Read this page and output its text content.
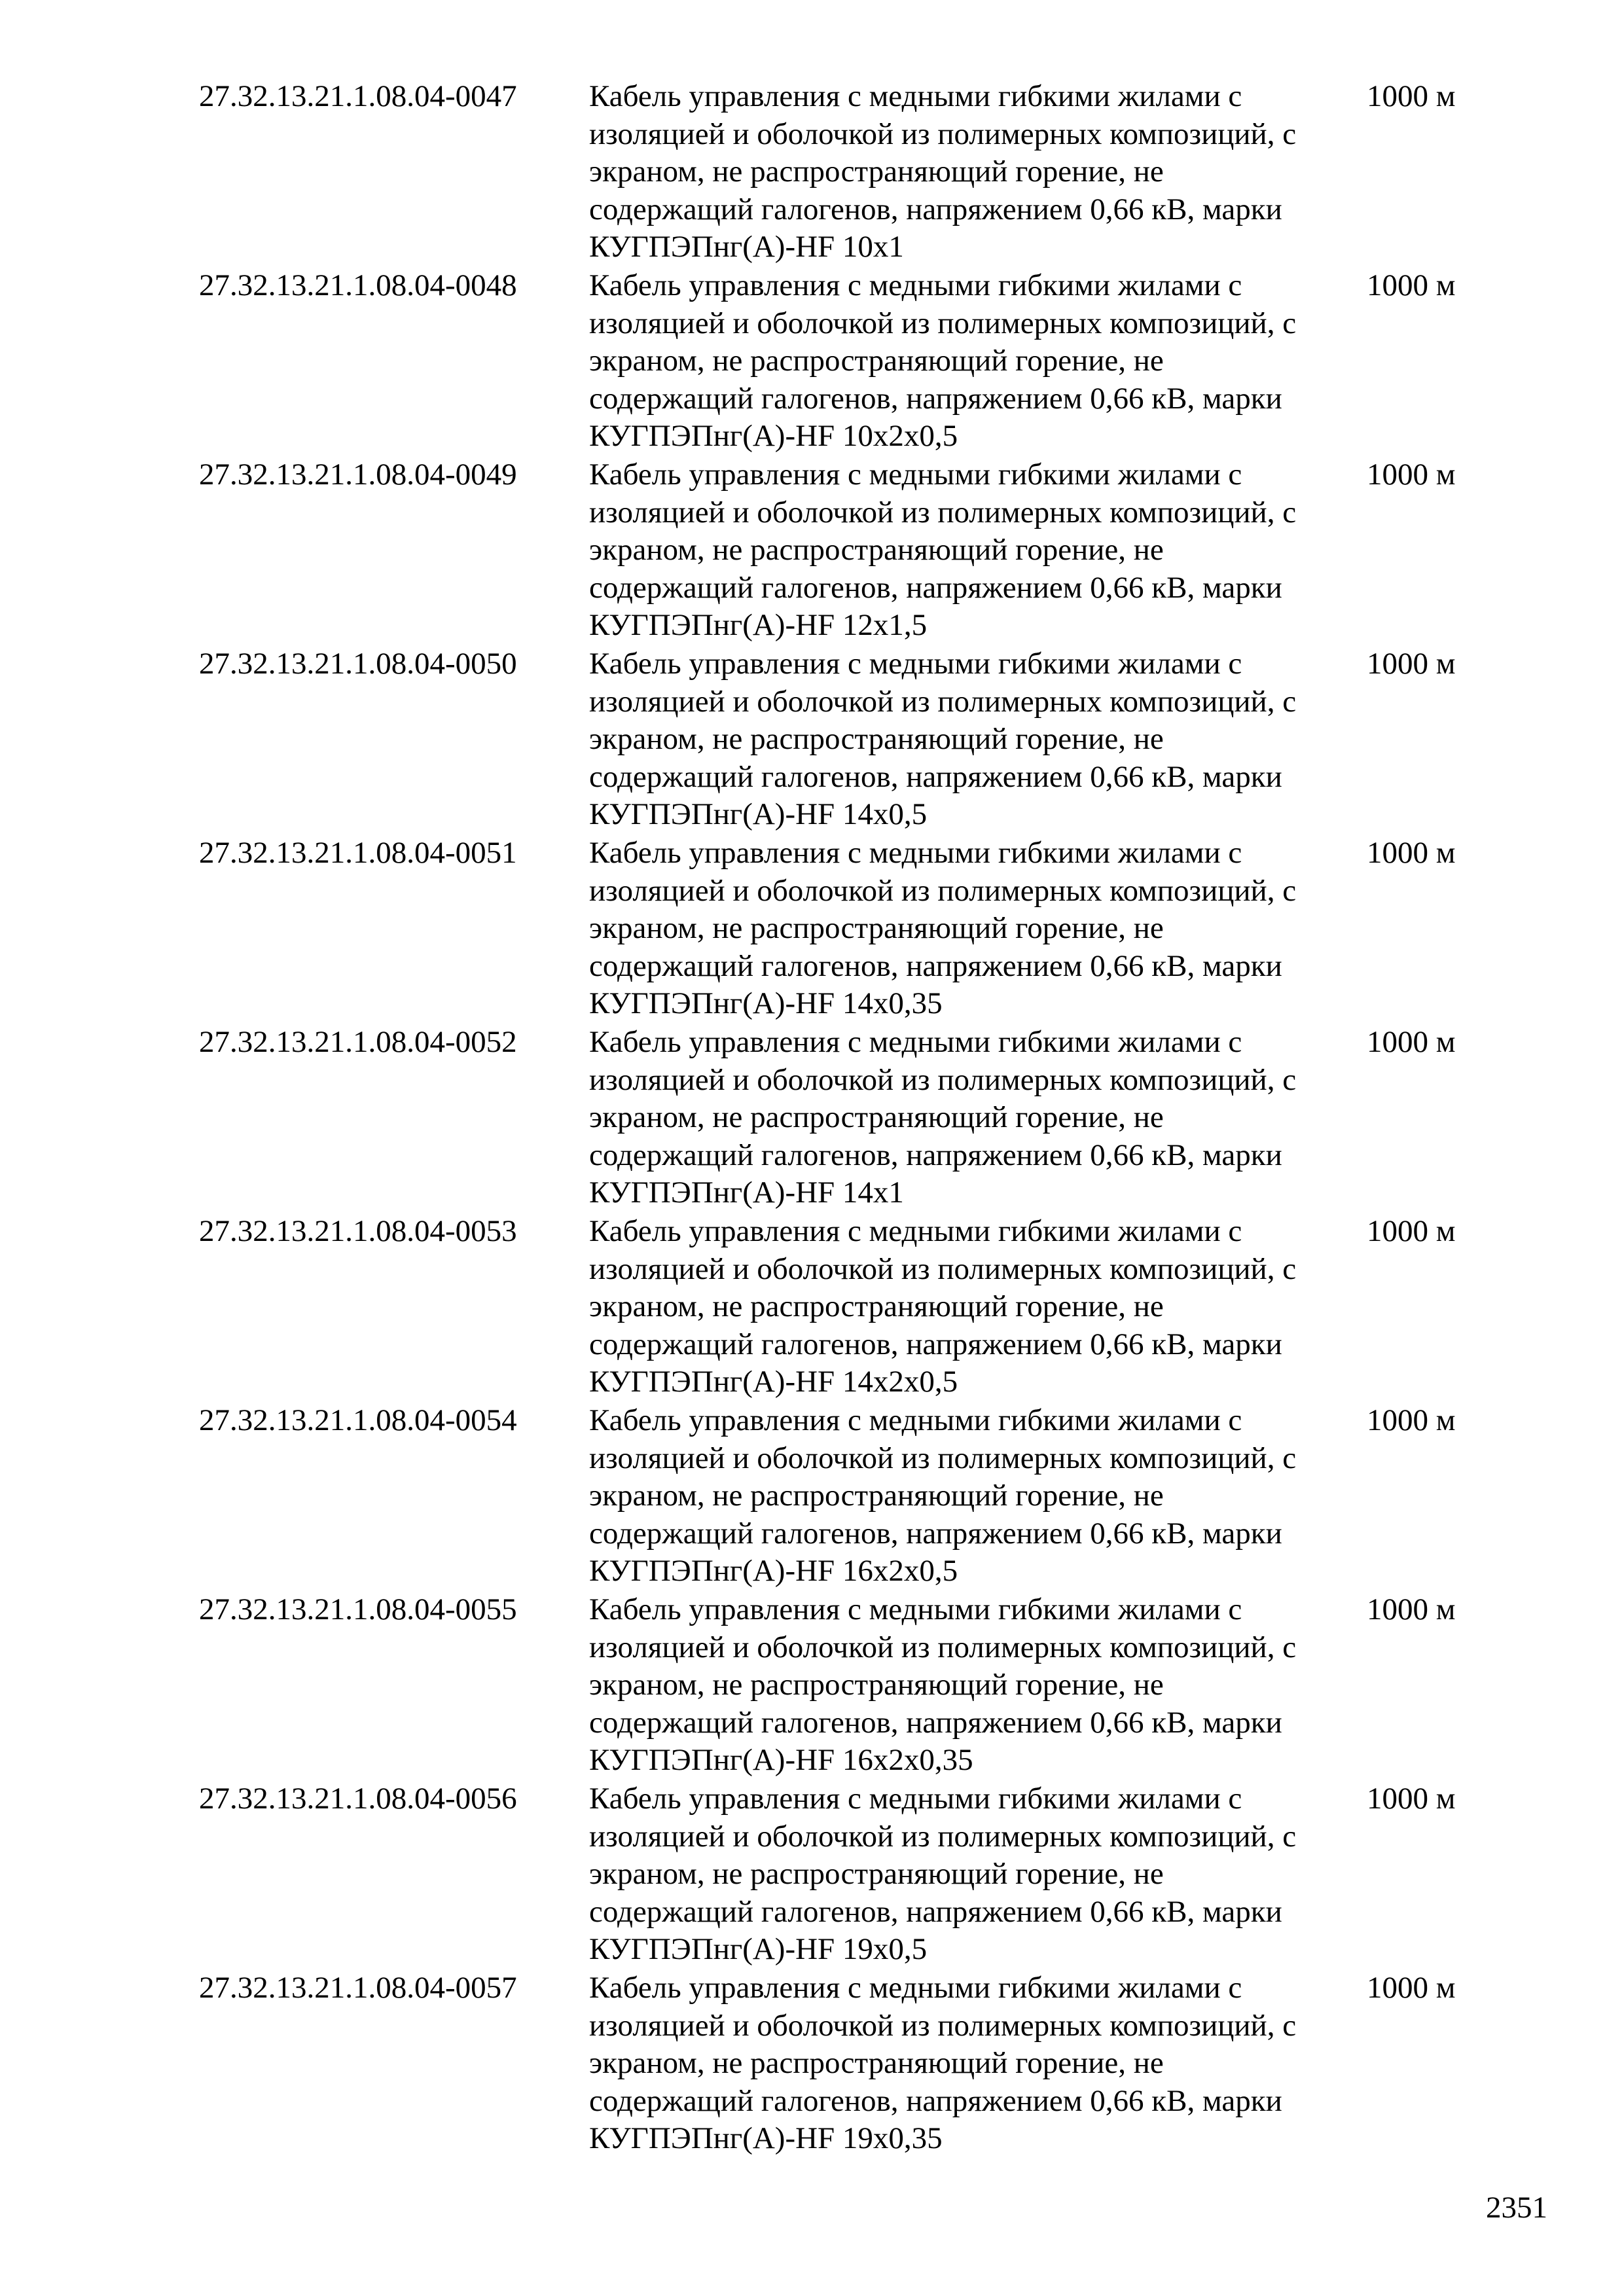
27.32.13.21.1.08.04-0047 Кабель управления с медными гибкими жилами с
изоляцией и оболочкой из полимерных композиций, с
экраном, не распространяющий горение, не
содержащий галогенов, напряжением 0,66 кВ, марки
КУГПЭПнг(А)-HF 10х1
1000 м
27.32.13.21.1.08.04-0048 Кабель управления с медными гибкими жилами с
изоляцией и оболочкой из полимерных композиций, с
экраном, не распространяющий горение, не
содержащий галогенов, напряжением 0,66 кВ, марки
КУГПЭПнг(А)-HF 10х2х0,5
1000 м
27.32.13.21.1.08.04-0049 Кабель управления с медными гибкими жилами с
изоляцией и оболочкой из полимерных композиций, с
экраном, не распространяющий горение, не
содержащий галогенов, напряжением 0,66 кВ, марки
КУГПЭПнг(А)-HF 12х1,5
1000 м
27.32.13.21.1.08.04-0050 Кабель управления с медными гибкими жилами с
изоляцией и оболочкой из полимерных композиций, с
экраном, не распространяющий горение, не
содержащий галогенов, напряжением 0,66 кВ, марки
КУГПЭПнг(А)-HF 14х0,5
1000 м
27.32.13.21.1.08.04-0051 Кабель управления с медными гибкими жилами с
изоляцией и оболочкой из полимерных композиций, с
экраном, не распространяющий горение, не
содержащий галогенов, напряжением 0,66 кВ, марки
КУГПЭПнг(А)-HF 14х0,35
1000 м
27.32.13.21.1.08.04-0052 Кабель управления с медными гибкими жилами с
изоляцией и оболочкой из полимерных композиций, с
экраном, не распространяющий горение, не
содержащий галогенов, напряжением 0,66 кВ, марки
КУГПЭПнг(А)-HF 14х1
1000 м
27.32.13.21.1.08.04-0053 Кабель управления с медными гибкими жилами с
изоляцией и оболочкой из полимерных композиций, с
экраном, не распространяющий горение, не
содержащий галогенов, напряжением 0,66 кВ, марки
КУГПЭПнг(А)-HF 14х2х0,5
1000 м
27.32.13.21.1.08.04-0054 Кабель управления с медными гибкими жилами с
изоляцией и оболочкой из полимерных композиций, с
экраном, не распространяющий горение, не
содержащий галогенов, напряжением 0,66 кВ, марки
КУГПЭПнг(А)-HF 16х2х0,5
1000 м
27.32.13.21.1.08.04-0055 Кабель управления с медными гибкими жилами с
изоляцией и оболочкой из полимерных композиций, с
экраном, не распространяющий горение, не
содержащий галогенов, напряжением 0,66 кВ, марки
КУГПЭПнг(А)-HF 16х2х0,35
1000 м
27.32.13.21.1.08.04-0056 Кабель управления с медными гибкими жилами с
изоляцией и оболочкой из полимерных композиций, с
экраном, не распространяющий горение, не
содержащий галогенов, напряжением 0,66 кВ, марки
КУГПЭПнг(А)-HF 19х0,5
1000 м
27.32.13.21.1.08.04-0057 Кабель управления с медными гибкими жилами с
изоляцией и оболочкой из полимерных композиций, с
экраном, не распространяющий горение, не
содержащий галогенов, напряжением 0,66 кВ, марки
КУГПЭПнг(А)-HF 19х0,35
1000 м
2351
